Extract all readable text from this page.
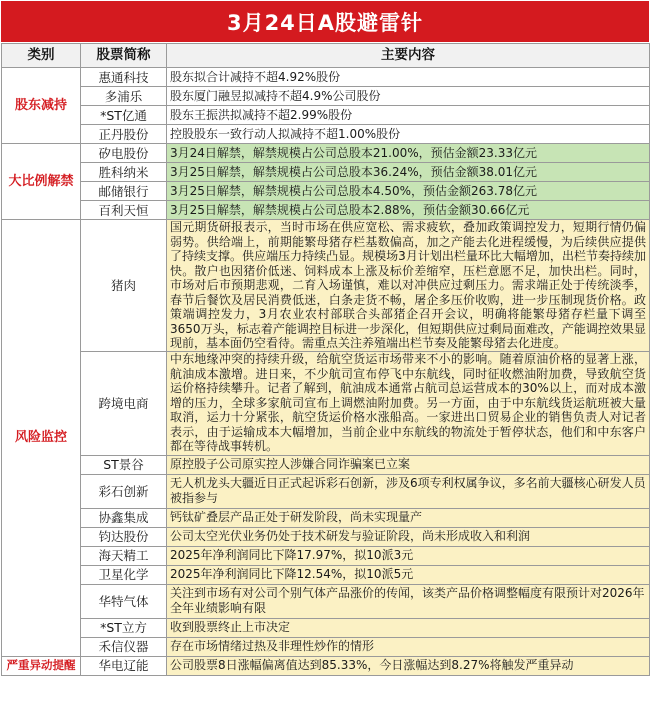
3月24日A股避雷针
类别	股票简称	主要内容
股东减持	惠通科技	股东拟合计减持不超4.92%股份
	多浦乐	股东厦门融昱拟减持不超4.9%公司股份
	*ST亿通	股东王振洪拟减持不超2.99%股份
	正丹股份	控股股东一致行动人拟减持不超1.00%股份
大比例解禁	矽电股份	3月24日解禁，解禁规模占公司总股本21.00%，预估金额23.33亿元
	胜科纳米	3月25日解禁，解禁规模占公司总股本36.24%，预估金额38.01亿元
	邮储银行	3月25日解禁，解禁规模占公司总股本4.50%，预估金额263.78亿元
	百利天恒	3月25日解禁，解禁规模占公司总股本2.88%，预估金额30.66亿元
风险监控	猪肉	国元期货研报表示，当时市场在供应宽松、需求疲软，叠加政策调控发力，短期行情仍偏弱势。供给端上，前期能繁母猪存栏基数偏高，加之产能去化进程缓慢，为后续供应提供了持续支撑。供应端压力持续凸显。规模场3月计划出栏量环比大幅增加，出栏节奏持续加快。散户也因猪价低迷、饲料成本上涨及标价差缩窄，压栏意愿不足，加快出栏。同时，市场对后市预期悲观，二育入场谨慎，难以对冲供应过剩压力。需求端正处于传统淡季，春节后餐饮及居民消费低迷，白条走货不畅，屠企多压价收购，进一步压制现货价格。政策端调控发力，3月农业农村部联合头部猪企召开会议，明确将能繁母猪存栏量下调至3650万头，标志着产能调控目标进一步深化，但短期供应过剩局面难改，产能调控效果显现前，基本面仍空看待。需重点关注养殖端出栏节奏及能繁母猪去化进度。
	跨境电商	中东地缘冲突的持续升级，给航空货运市场带来不小的影响。随着原油价格的显著上涨，航油成本激增。进日来，不少航司宣布停飞中东航线，同时征收燃油附加费，导致航空货运价格持续攀升。记者了解到，航油成本通常占航司总运营成本的30%以上，而对成本激增的压力，全球多家航司宣布上调燃油附加费。另一方面，由于中东航线货运航班被大量取消，运力十分紧张，航空货运价格水涨船高。一家进出口贸易企业的销售负责人对记者表示，由于运输成本大幅增加，当前企业中东航线的物流处于暂停状态，他们和中东客户都在等待战事转机。
	ST景谷	原控股子公司原实控人涉嫌合同诈骗案已立案
	彩石创新	无人机龙头大疆近日正式起诉彩石创新，涉及6项专利权属争议，多名前大疆核心研发人员被指参与
	协鑫集成	钙钛矿叠层产品正处于研发阶段，尚未实现量产
	钧达股份	公司太空光伏业务仍处于技术研发与验证阶段，尚未形成收入和利润
	海天精工	2025年净利润同比下降17.97%，拟10派3元
	卫星化学	2025年净利润同比下降12.54%，拟10派5元
	华特气体	关注到市场有对公司个别气体产品涨价的传闻，该类产品价格调整幅度有限预计对2026年全年业绩影响有限
	*ST立方	收到股票终止上市决定
	禾信仪器	存在市场情绪过热及非理性炒作的情形
严重异动提醒	华电辽能	公司股票8日涨幅偏离值达到85.33%，今日涨幅达到8.27%将触发严重异动
